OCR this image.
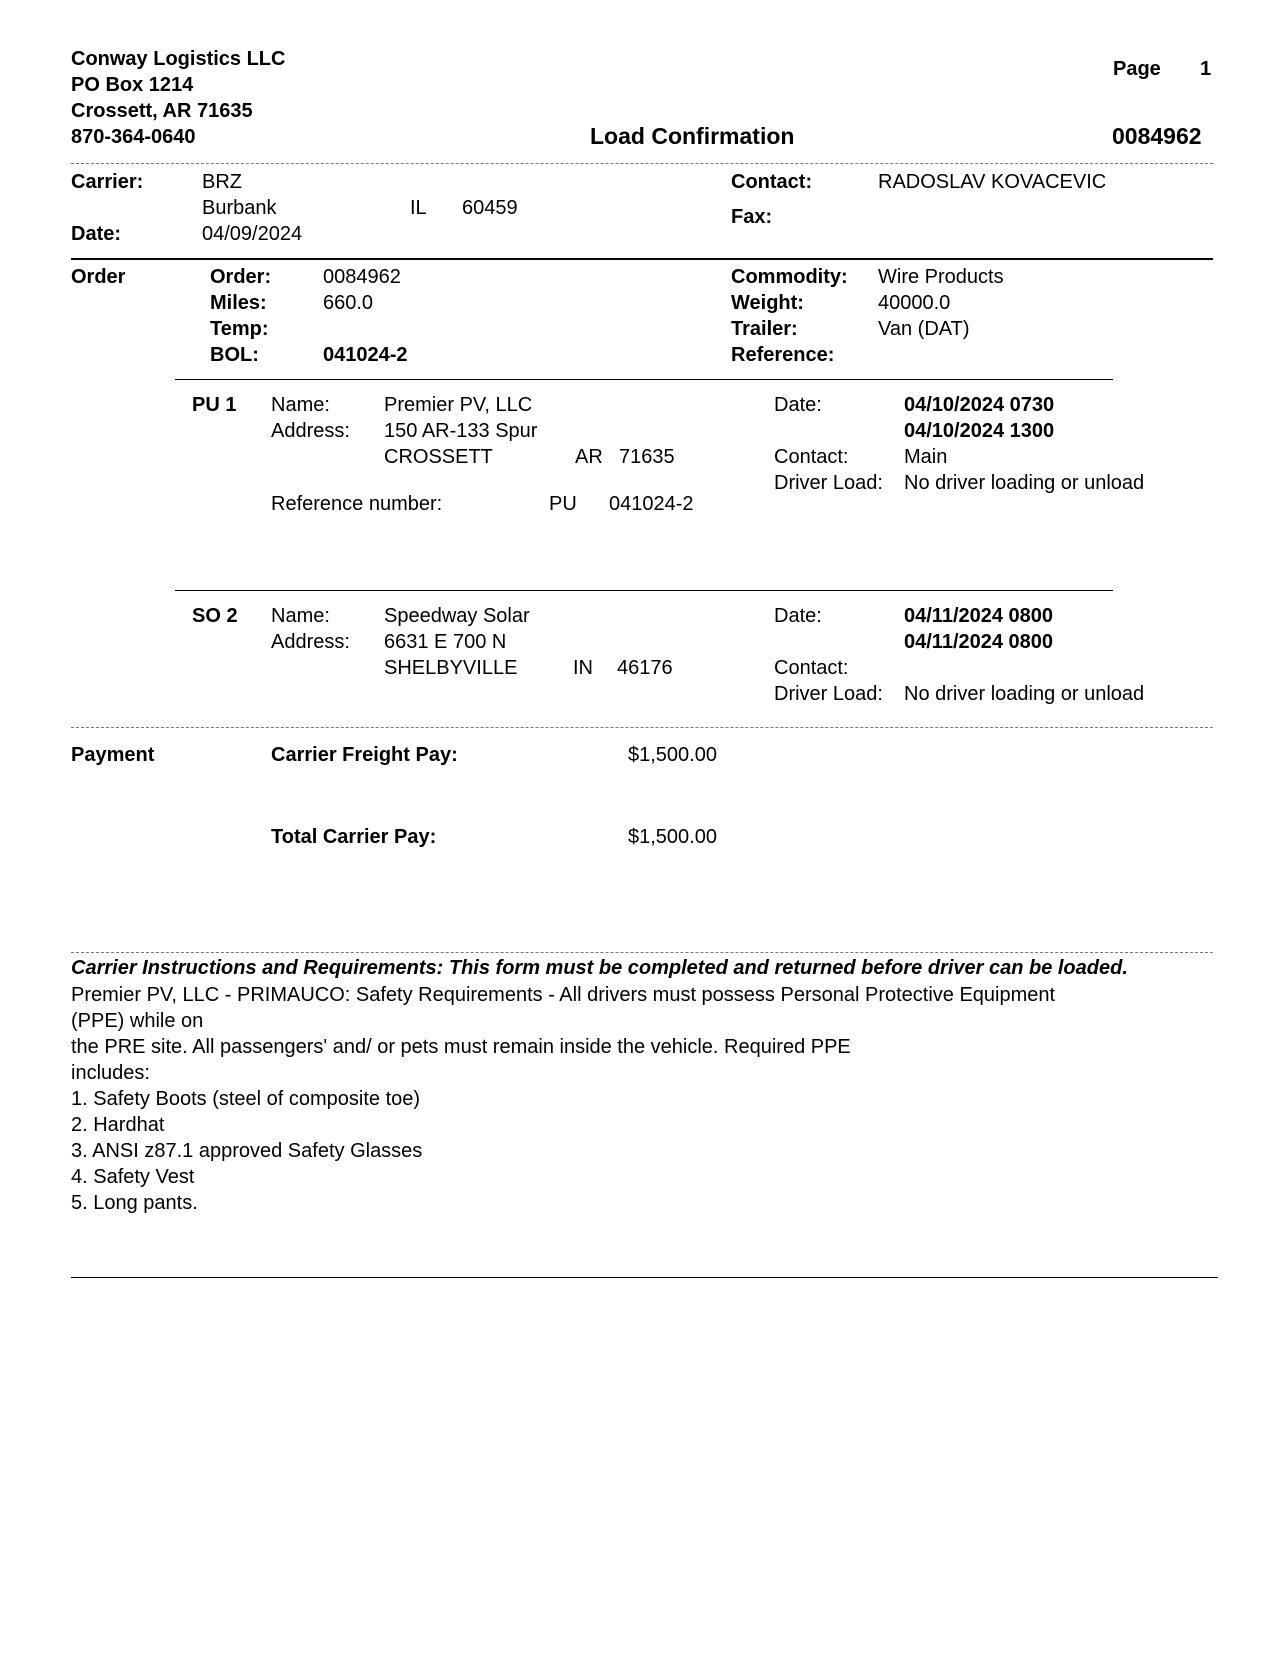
Conway Logistics LLC
PO Box 1214
Crossett, AR 71635
870-364-0640
Page 1
Load Confirmation	0084962
Carrier:	BRZ
Burbank	IL 60459
Date:	04/09/2024
Contact:	RADOSLAV KOVACEVIC
Fax:
Order	Order:	0084962
Miles:	660.0
Temp:
BOL:	041024-2
Commodity: Wire Products
Weight:	40000.0
Trailer:	Van (DAT)
Reference:
PU 1 Name:	Premier PV, LLC
Address: 150 AR-133 Spur
CROSSETT	AR 71635
Reference number:	PU 041024-2
Date:	04/10/2024 0730
04/10/2024 1300
Contact:	Main
Driver Load: No driver loading or unload
SO 2 Name:	Speedway Solar
Address: 6631 E 700 N
SHELBYVILLE	IN 46176
Date:	04/11/2024 0800
04/11/2024 0800
Contact:
Driver Load: No driver loading or unload
Payment	Carrier Freight Pay:	$1,500.00
Total Carrier Pay:	$1,500.00
Carrier Instructions and Requirements: This form must be completed and returned before driver can be loaded.
Premier PV, LLC - PRIMAUCO: Safety Requirements - All drivers must possess Personal Protective Equipment
(PPE) while on
the PRE site. All passengers' and/ or pets must remain inside the vehicle. Required PPE
includes:
1. Safety Boots (steel of composite toe)
2. Hardhat
3. ANSI z87.1 approved Safety Glasses
4. Safety Vest
5. Long pants.
